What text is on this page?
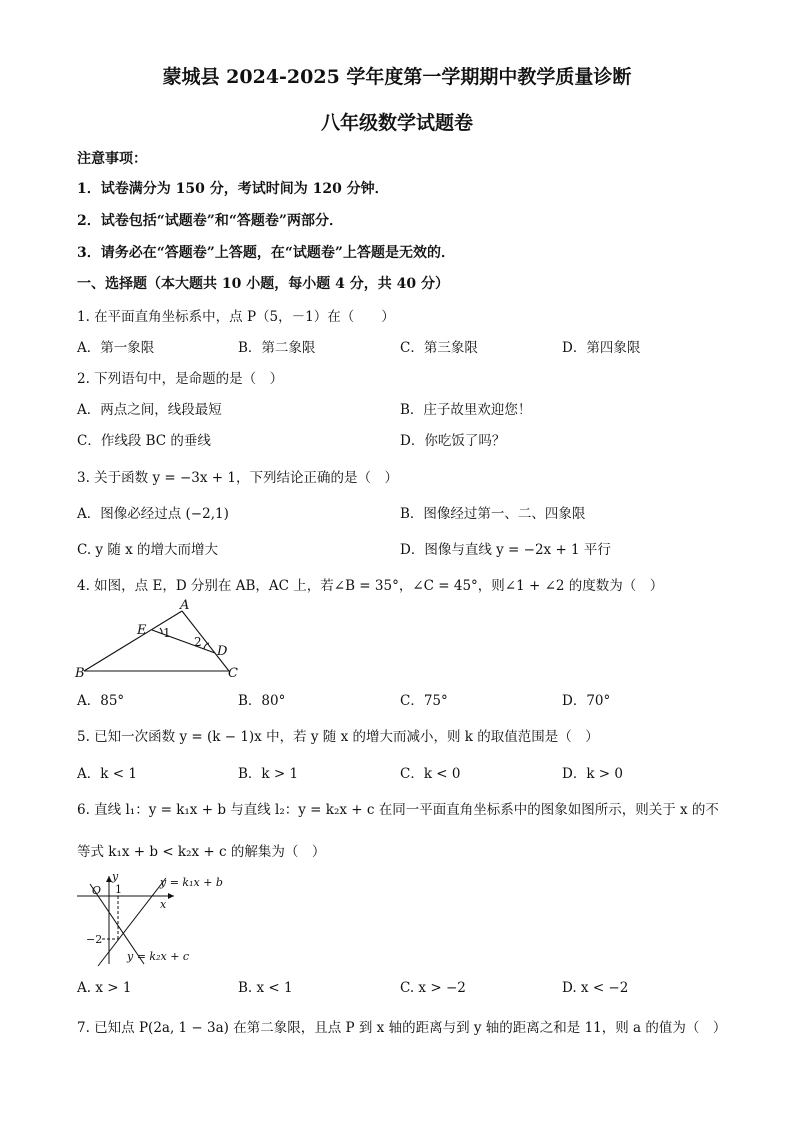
蒙城县 2024-2025 学年度第一学期期中教学质量诊断
八年级数学试题卷
注意事项：
1．试卷满分为 150 分，考试时间为 120 分钟．
2．试卷包括“试题卷”和“答题卷”两部分．
3．请务必在“答题卷”上答题，在“试题卷”上答题是无效的．
一、选择题（本大题共 10 小题，每小题 4 分，共 40 分）
1. 在平面直角坐标系中，点 P（5，－1）在（　　）
A．第一象限	B．第二象限	C．第三象限	D．第四象限
2. 下列语句中，是命题的是（　）
A．两点之间，线段最短	B．庄子故里欢迎您！
C．作线段 BC 的垂线	D．你吃饭了吗？
3. 关于函数 y = −3x + 1，下列结论正确的是（　）
A．图像必经过点 (−2,1)	B．图像经过第一、二、四象限
C. y 随 x 的增大而增大	D．图像与直线 y = −2x + 1 平行
4. 如图，点 E，D 分别在 AB，AC 上，若∠B = 35°，∠C = 45°，则∠1 + ∠2 的度数为（　）
A
E
D
B	C
1
2
A．85°	B．80°	C．75°	D．70°
5. 已知一次函数 y = (k − 1)x 中，若 y 随 x 的增大而减小，则 k 的取值范围是（　）
A．k < 1	B．k > 1	C．k < 0	D．k > 0
6. 直线 l₁：y = k₁x + b 与直线 l₂：y = k₂x + c 在同一平面直角坐标系中的图象如图所示，则关于 x 的不
等式 k₁x + b < k₂x + c 的解集为（　）
y
O 1
x
−2
y = k₁x + b
y = k₂x + c
A. x > 1	B. x < 1	C. x > −2	D. x < −2
7. 已知点 P(2a, 1 − 3a) 在第二象限，且点 P 到 x 轴的距离与到 y 轴的距离之和是 11，则 a 的值为（　）
